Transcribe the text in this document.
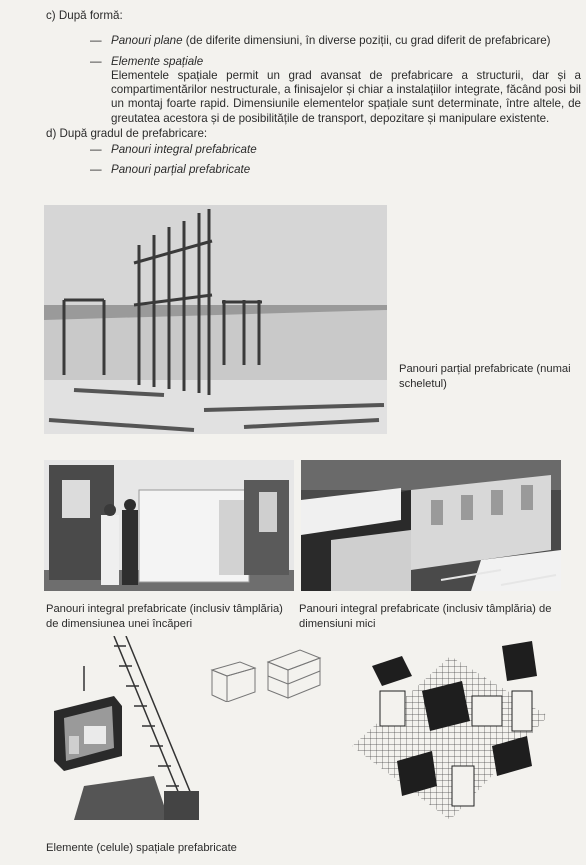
c) După formă:
— Panouri plane (de diferite dimensiuni, în diverse poziții, cu grad diferit de prefabricare)
— Elemente spațiale
Elementele spațiale permit un grad avansat de prefabricare a structurii, dar și a compartimentărilor nestructurale, a finisajelor și chiar a instalațiilor integrate, făcând posi bil un montaj foarte rapid. Dimensiunile elementelor spațiale sunt determinate, între altele, de greutatea acestora și de posibilitățile de transport, depozitare și manipulare existente.
d) După gradul de prefabricare:
— Panouri integral prefabricate
— Panouri parțial prefabricate
Panouri parțial prefabricate (numai scheletul)
Panouri integral prefabricate (inclusiv tâmplăria) de dimensiunea unei încăperi
Panouri integral prefabricate (inclusiv tâmplăria) de dimensiuni mici
Elemente (celule) spațiale prefabricate
